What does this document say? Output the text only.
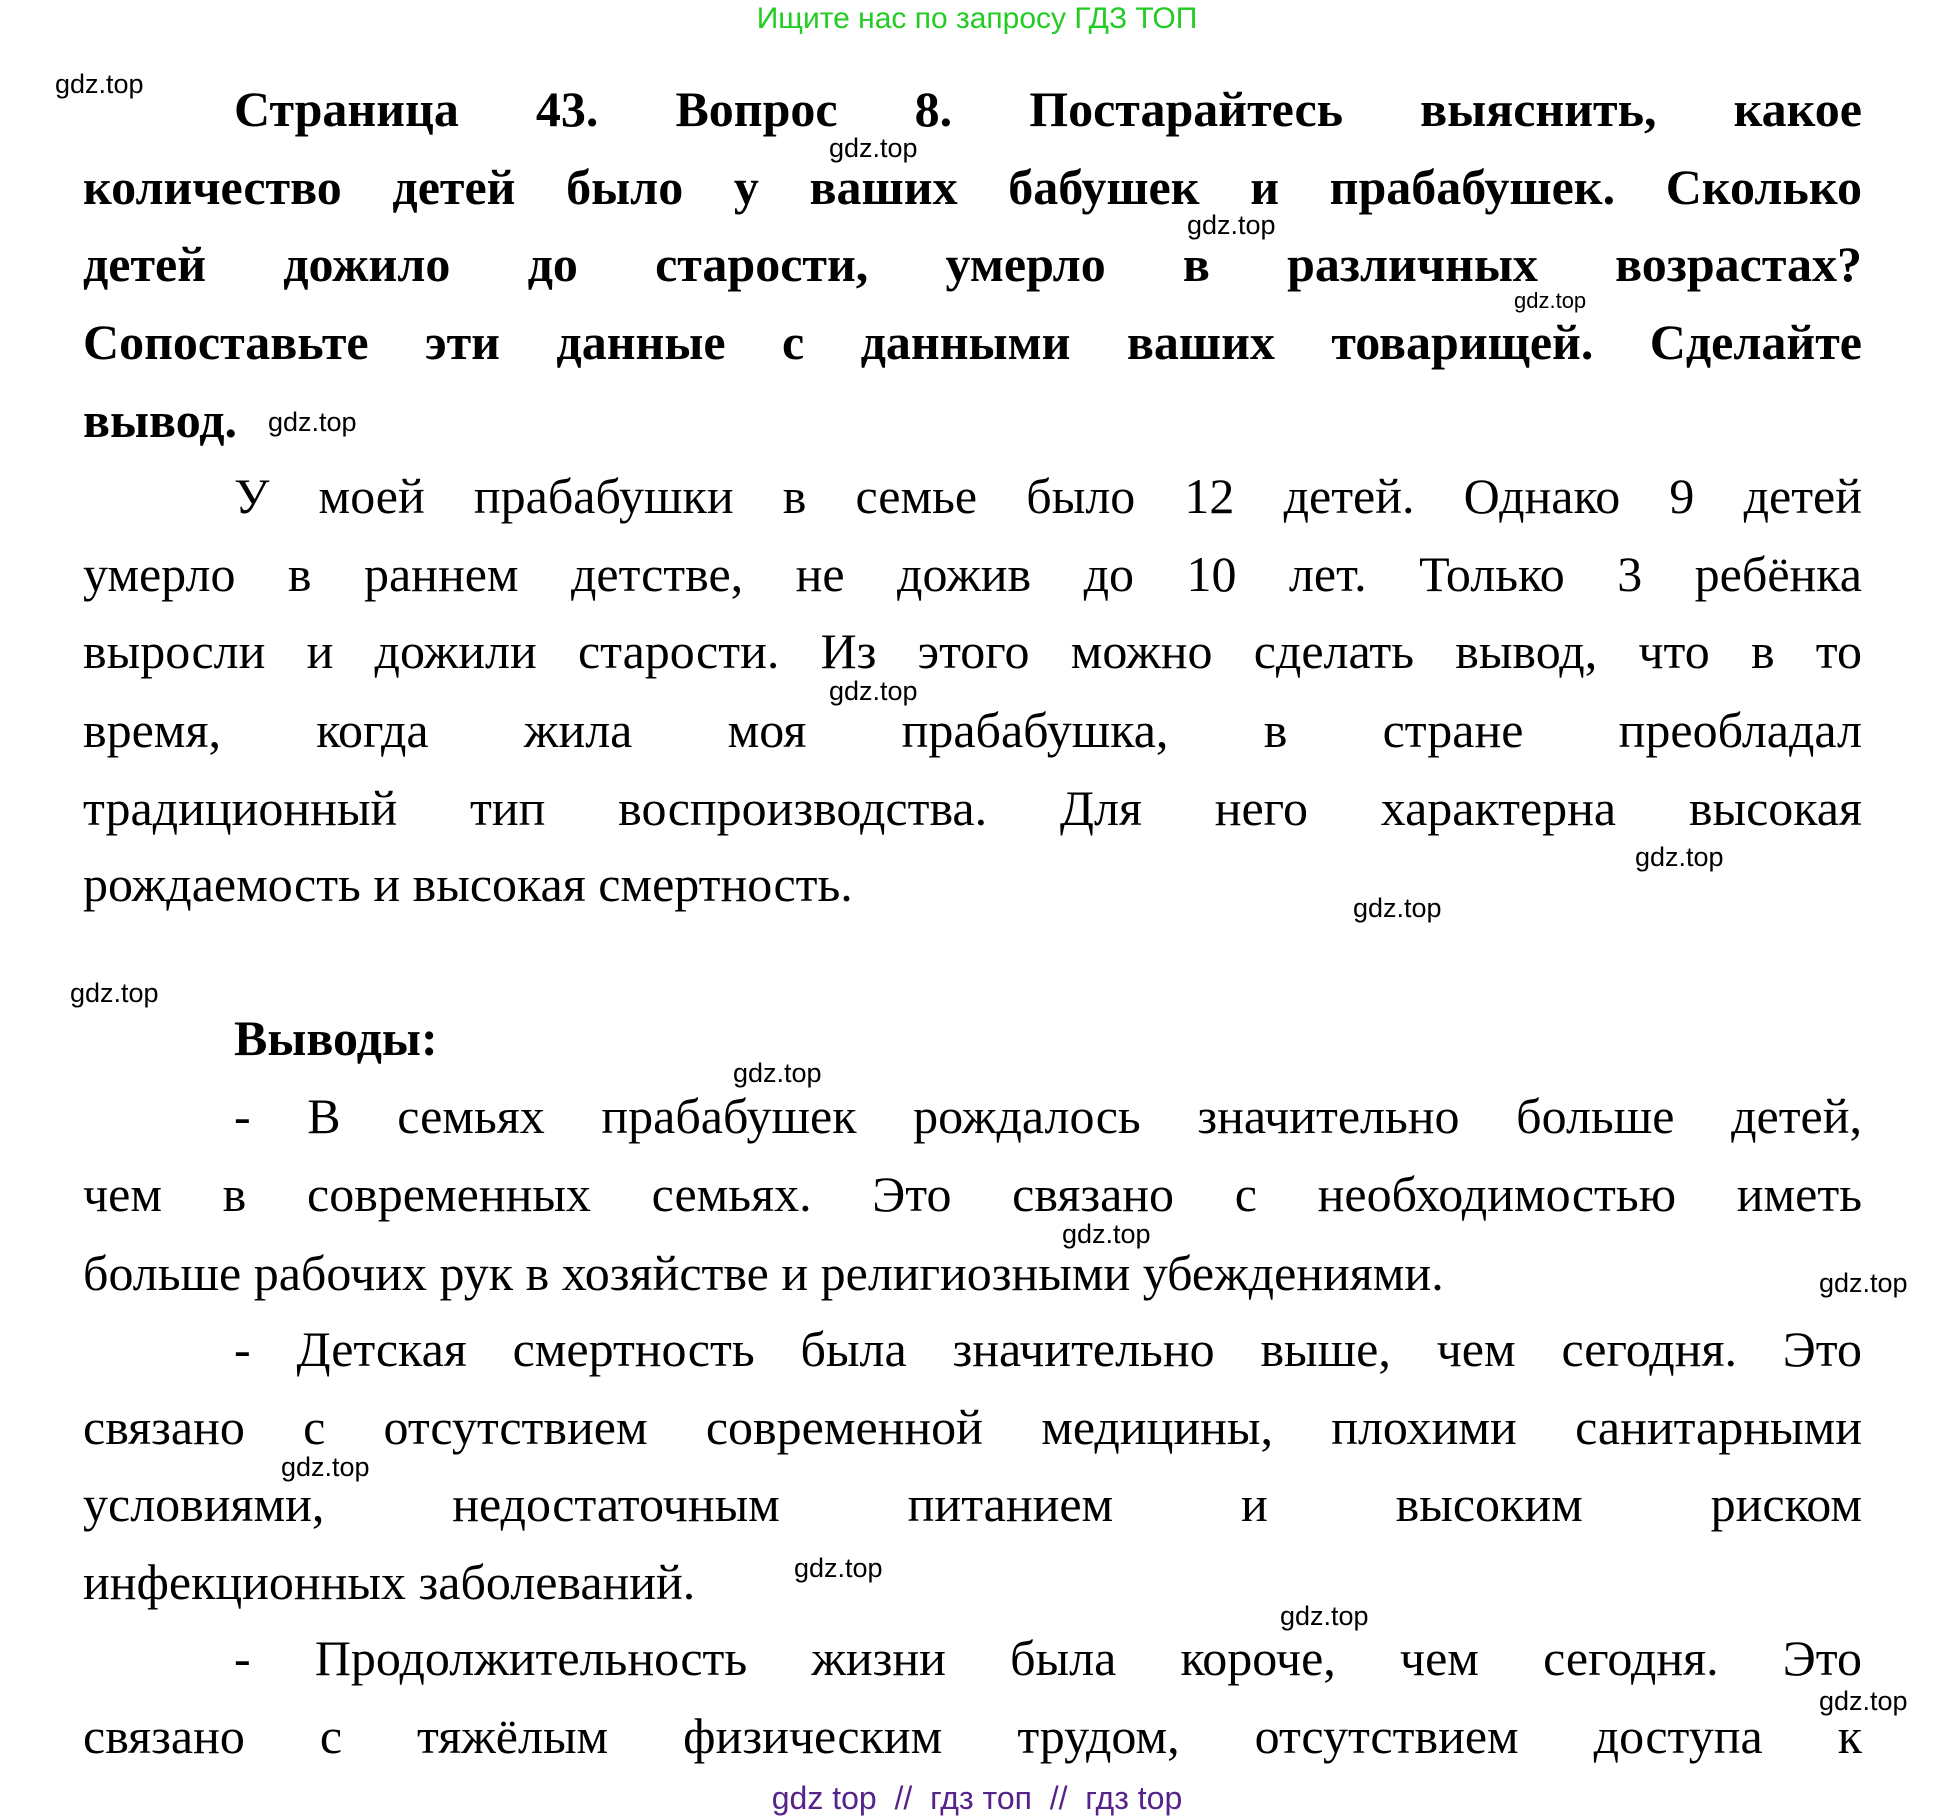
Ищите нас по запросу ГДЗ ТОП
Страница 43. Вопрос 8. Постарайтесь выяснить, какое
количество детей было у ваших бабушек и прабабушек. Сколько
детей дожило до старости, умерло в различных возрастах?
Сопоставьте эти данные с данными ваших товарищей. Сделайте
вывод.
У моей прабабушки в семье было 12 детей. Однако 9 детей
умерло в раннем детстве, не дожив до 10 лет. Только 3 ребёнка
выросли и дожили старости. Из этого можно сделать вывод, что в то
время, когда жила моя прабабушка, в стране преобладал
традиционный тип воспроизводства. Для него характерна высокая
рождаемость и высокая смертность.
Выводы:
- В семьях прабабушек рождалось значительно больше детей,
чем в современных семьях. Это связано с необходимостью иметь
больше рабочих рук в хозяйстве и религиозными убеждениями.
- Детская смертность была значительно выше, чем сегодня. Это
связано с отсутствием современной медицины, плохими санитарными
условиями, недостаточным питанием и высоким риском
инфекционных заболеваний.
- Продолжительность жизни была короче, чем сегодня. Это
связано с тяжёлым физическим трудом, отсутствием доступа к
gdz.top
gdz.top
gdz.top
gdz.top
gdz.top
gdz.top
gdz.top
gdz.top
gdz.top
gdz.top
gdz.top
gdz.top
gdz.top
gdz.top
gdz.top
gdz.top
gdz top  //  гдз топ  //  гдз top
